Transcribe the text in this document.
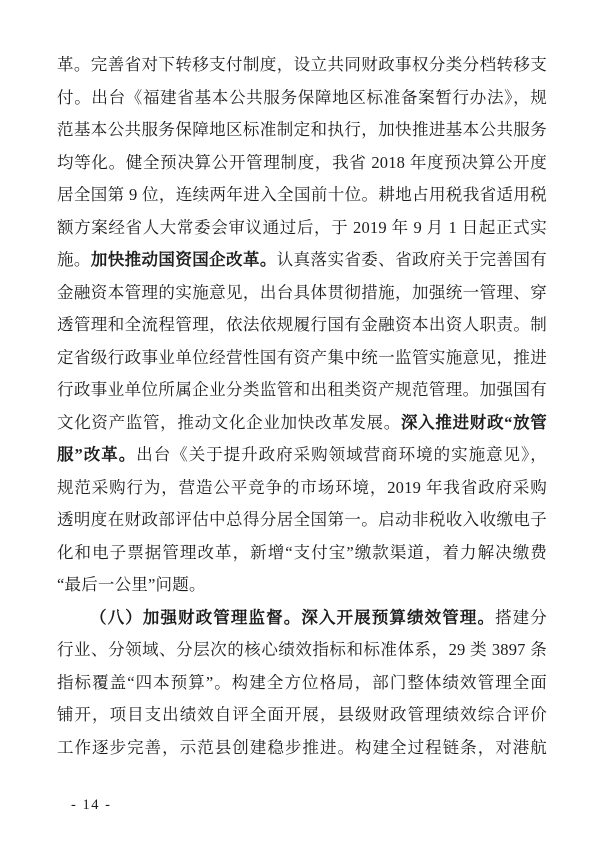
革。完善省对下转移支付制度，设立共同财政事权分类分档转移支
付。出台《福建省基本公共服务保障地区标准备案暂行办法》，规
范基本公共服务保障地区标准制定和执行，加快推进基本公共服务
均等化。健全预决算公开管理制度，我省 2018 年度预决算公开度
居全国第 9 位，连续两年进入全国前十位。耕地占用税我省适用税
额方案经省人大常委会审议通过后，于 2019 年 9 月 1 日起正式实
施。加快推动国资国企改革。认真落实省委、省政府关于完善国有
金融资本管理的实施意见，出台具体贯彻措施，加强统一管理、穿
透管理和全流程管理，依法依规履行国有金融资本出资人职责。制
定省级行政事业单位经营性国有资产集中统一监管实施意见，推进
行政事业单位所属企业分类监管和出租类资产规范管理。加强国有
文化资产监管，推动文化企业加快改革发展。深入推进财政“放管
服”改革。出台《关于提升政府采购领域营商环境的实施意见》，
规范采购行为，营造公平竞争的市场环境，2019 年我省政府采购
透明度在财政部评估中总得分居全国第一。启动非税收入收缴电子
化和电子票据管理改革，新增“支付宝”缴款渠道，着力解决缴费
“最后一公里”问题。
（八）加强财政管理监督。深入开展预算绩效管理。搭建分
行业、分领域、分层次的核心绩效指标和标准体系，29 类 3897 条
指标覆盖“四本预算”。构建全方位格局，部门整体绩效管理全面
铺开，项目支出绩效自评全面开展，县级财政管理绩效综合评价
工作逐步完善，示范县创建稳步推进。构建全过程链条，对港航
- 14 -
